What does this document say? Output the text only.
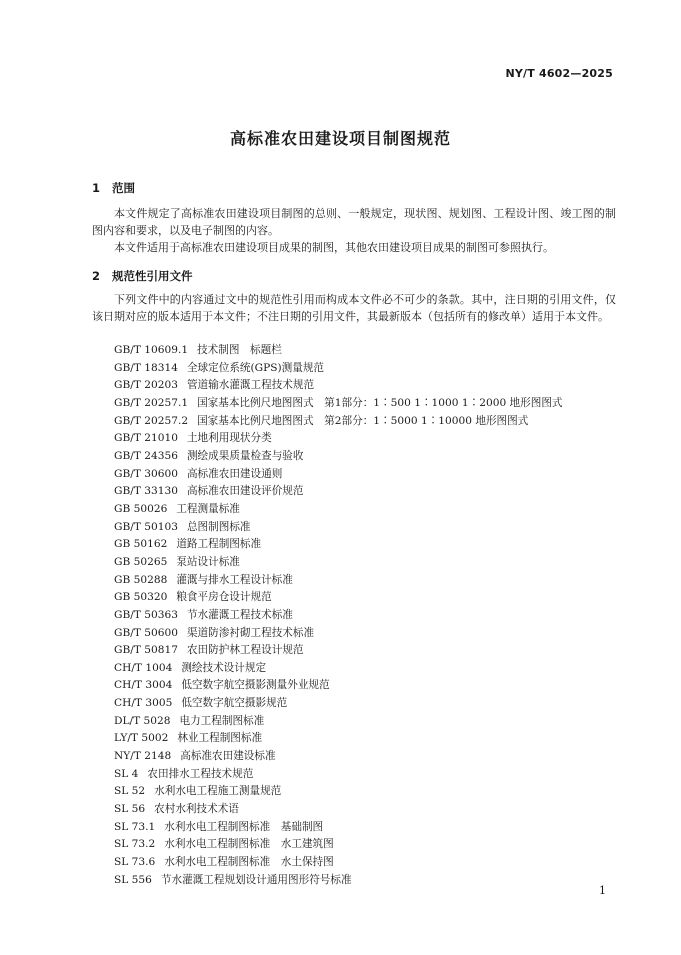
NY/T 4602—2025
高标准农田建设项目制图规范
1 范围

本文件规定了高标准农田建设项目制图的总则、一般规定，现状图、规划图、工程设计图、竣工图的制图内容和要求，以及电子制图的内容。

本文件适用于高标准农田建设项目成果的制图，其他农田建设项目成果的制图可参照执行。

2 规范性引用文件

下列文件中的内容通过文中的规范性引用而构成本文件必不可少的条款。其中，注日期的引用文件，仅该日期对应的版本适用于本文件；不注日期的引用文件，其最新版本（包括所有的修改单）适用于本文件。

GB/T 10609.1 技术制图　标题栏
GB/T 18314 全球定位系统(GPS)测量规范
GB/T 20203 管道输水灌溉工程技术规范
GB/T 20257.1 国家基本比例尺地图图式　第1部分：1∶500 1∶1000 1∶2000 地形图图式
GB/T 20257.2 国家基本比例尺地图图式　第2部分：1∶5000 1∶10000 地形图图式
GB/T 21010 土地利用现状分类
GB/T 24356 测绘成果质量检查与验收
GB/T 30600 高标准农田建设通则
GB/T 33130 高标准农田建设评价规范
GB 50026 工程测量标准
GB/T 50103 总图制图标准
GB 50162 道路工程制图标准
GB 50265 泵站设计标准
GB 50288 灌溉与排水工程设计标准
GB 50320 粮食平房仓设计规范
GB/T 50363 节水灌溉工程技术标准
GB/T 50600 渠道防渗衬砌工程技术标准
GB/T 50817 农田防护林工程设计规范
CH/T 1004 测绘技术设计规定
CH/T 3004 低空数字航空摄影测量外业规范
CH/T 3005 低空数字航空摄影规范
DL/T 5028 电力工程制图标准
LY/T 5002 林业工程制图标准
NY/T 2148 高标准农田建设标准
SL 4 农田排水工程技术规范
SL 52 水利水电工程施工测量规范
SL 56 农村水利技术术语
SL 73.1 水利水电工程制图标准　基础制图
SL 73.2 水利水电工程制图标准　水工建筑图
SL 73.6 水利水电工程制图标准　水土保持图
SL 556 节水灌溉工程规划设计通用图形符号标准
1
